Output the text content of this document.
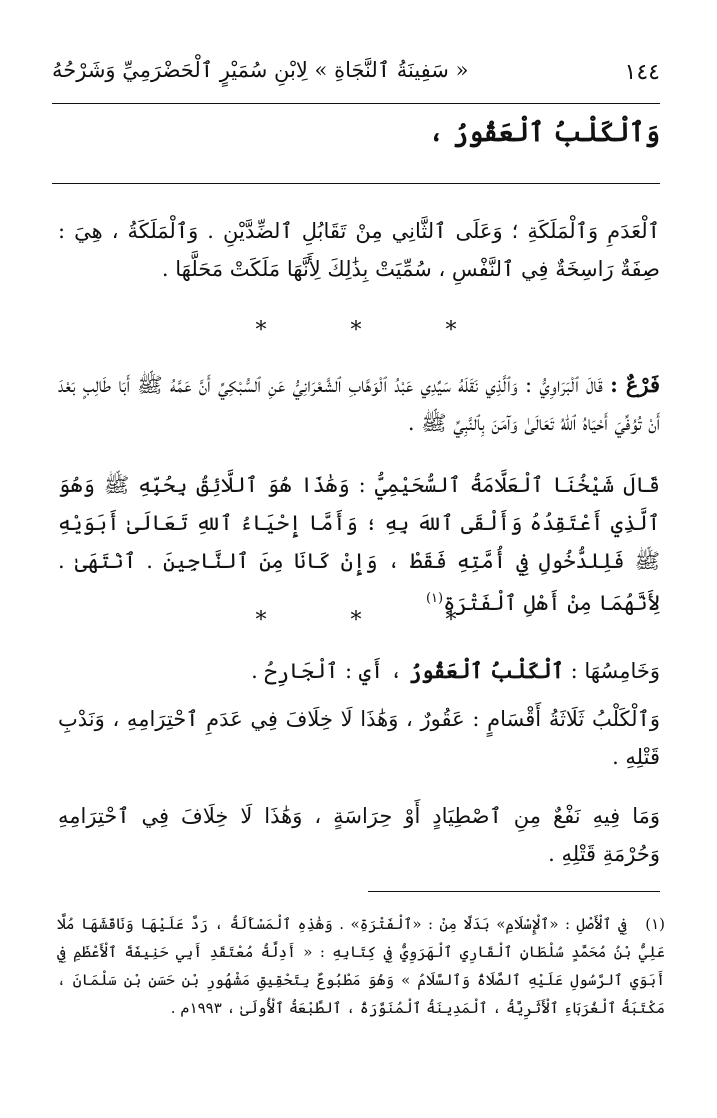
١٤٤
« سَفِينَةُ ٱلنَّجَاةِ » لِابْنِ سُمَيْرٍ ٱلْحَضْرَمِيِّ وَشَرْحُهُ
وَٱلْكَلْبُ ٱلْعَقُورُ ،
ٱلْعَدَمِ وَٱلْمَلَكَةِ ؛ وَعَلَى ٱلثَّانِي مِنْ تَقَابُلِ ٱلضِّدَّيْنِ . وَٱلْمَلَكَةُ ، هِيَ : صِفَةٌ رَاسِخَةٌ فِي ٱلنَّفْسِ ، سُمِّيَتْ بِذَٰلِكَ لِأَنَّهَا مَلَكَتْ مَحَلَّهَا .
*	*	*
فَرْعٌ : قَالَ ٱلْبَرَاوِيُّ : وَٱلَّذِي نَقَلَهُ سَيِّدِي عَبْدُ ٱلْوَهَّابِ ٱلشَّعْرَانِيُّ عَنِ ٱلسُّبْكِيِّ أَنَّ عَمَّهُ ﷺ أَبَا طَالِبٍ بَعْدَ أَنْ تُوُفِّيَ أَحْيَاهُ ٱللهُ تَعَالَىٰ وَآمَنَ بِٱلنَّبِيِّ ﷺ .
قَالَ شَيْخُنَا ٱلْعَلَّامَةُ ٱلسُّحَيْمِيُّ : وَهَٰذَا هُوَ ٱللَّائِقُ بِحُبِّهِ ﷺ وَهُوَ ٱلَّذِي أَعْتَقِدُهُ وَأَلْقَى ٱللهَ بِهِ ؛ وَأَمَّا إِحْيَاءُ ٱللهِ تَعَالَىٰ أَبَوَيْهِ ﷺ فَلِلدُّخُولِ فِي أُمَّتِهِ فَقَطْ ، وَإِنْ كَانَا مِنَ ٱلنَّاجِينَ . ٱنْتَهَىٰ . لِأَنَّهُمَا مِنْ أَهْلِ ٱلْفَتْرَةِ$^{(١)}$
*	*	*
وَخَامِسُهَا : ٱلْكَلْبُ ٱلْعَقُورُ ، أَيِ : ٱلْجَارِحُ .
وَٱلْكَلْبُ ثَلَاثَةُ أَقْسَامٍ : عَقُورٌ ، وَهَٰذَا لَا خِلَافَ فِي عَدَمِ ٱحْتِرَامِهِ ، وَنَدْبِ قَتْلِهِ .
وَمَا فِيهِ نَفْعٌ مِنِ ٱصْطِيَادٍ أَوْ حِرَاسَةٍ ، وَهَٰذَا لَا خِلَافَ فِي ٱحْتِرَامِهِ وَحُرْمَةِ قَتْلِهِ .
(١) فِي ٱلْأَصْلِ : «ٱلْإِسْلَامِ» بَدَلًا مِنْ : «ٱلْفَتْرَةِ» . وَهَٰذِهِ ٱلْمَسْأَلَةُ ، رَدَّ عَلَيْهَا وَنَاقَشَهَا مُلَّا عَلِيُّ بْنُ مُحَمَّدٍ سُلْطَانٍ ٱلْقَارِي ٱلْهَرَوِيُّ فِي كِتَابِهِ : « أَدِلَّةُ مُعْتَقَدِ أَبِي حَنِيفَةَ ٱلْأَعْظَمِ فِي أَبَوَيِ ٱلرَّسُولِ عَلَيْهِ ٱلصَّلَاةُ وَٱلسَّلَامُ » وَهُوَ مَطْبُوعٌ بِتَحْقِيقِ مَشْهُورِ بْنِ حَسَنِ بْنِ سَلْمَانَ ، مَكْتَبَةُ ٱلْغُرَبَاءِ ٱلْأَثَرِيَّةُ ، ٱلْمَدِينَةُ ٱلْمُنَوَّرَةُ ، ٱلطَّبْعَةُ ٱلْأُولَىٰ ، ١٩٩٣م .
